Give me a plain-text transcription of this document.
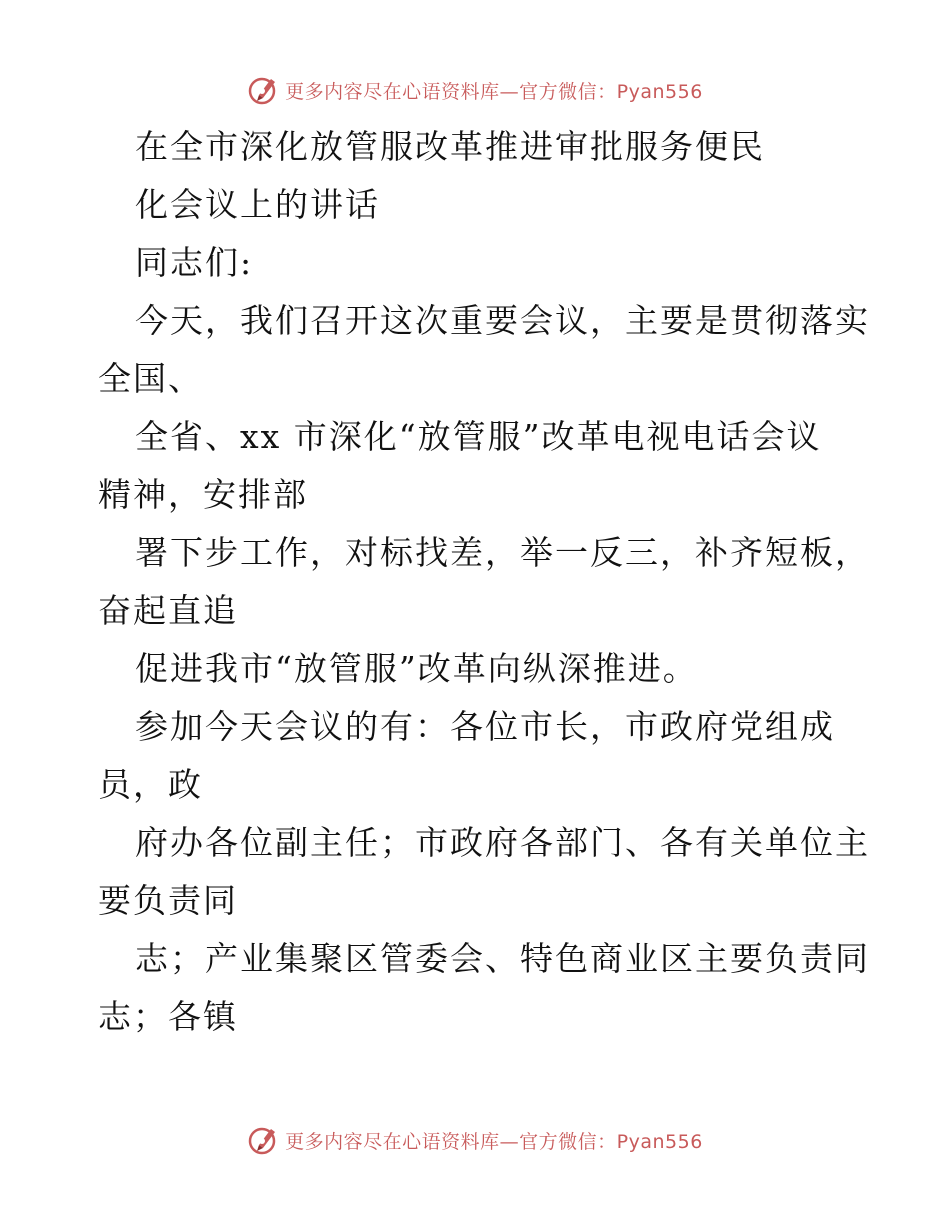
更多内容尽在心语资料库—官方微信：Pyan556
在全市深化放管服改革推进审批服务便民
化会议上的讲话
同志们:
今天，我们召开这次重要会议，主要是贯彻落实
全国、
全省、xx 市深化“放管服”改革电视电话会议
精神，安排部
署下步工作，对标找差，举一反三，补齐短板，
奋起直追
促进我市“放管服”改革向纵深推进。
参加今天会议的有：各位市长，市政府党组成
员，政
府办各位副主任；市政府各部门、各有关单位主
要负责同
志；产业集聚区管委会、特色商业区主要负责同
志；各镇
更多内容尽在心语资料库—官方微信：Pyan556
